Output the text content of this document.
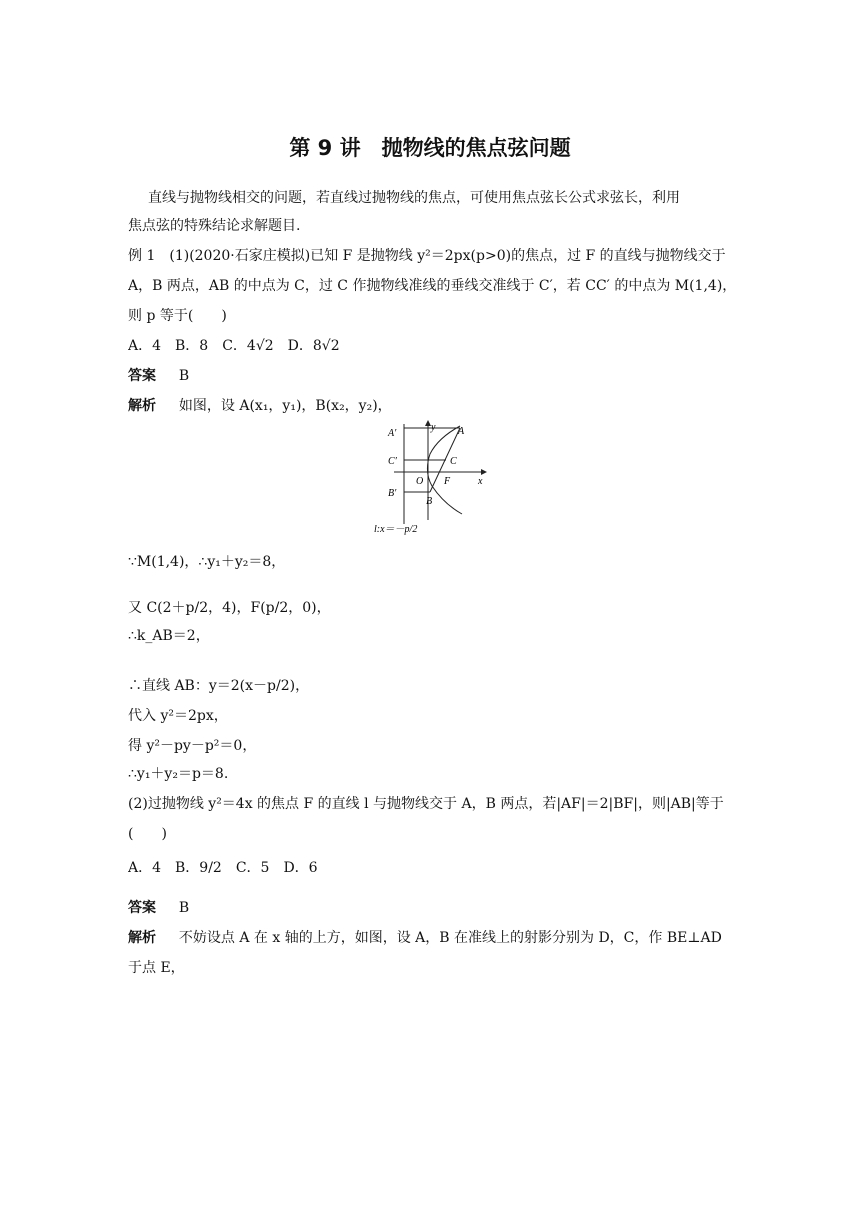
第 9 讲　抛物线的焦点弦问题
直线与抛物线相交的问题，若直线过抛物线的焦点，可使用焦点弦长公式求弦长，利用
焦点弦的特殊结论求解题目.
例 1　(1)(2020·石家庄模拟)已知 F 是抛物线 y²＝2px(p>0)的焦点，过 F 的直线与抛物线交于
A，B 两点，AB 的中点为 C，过 C 作抛物线准线的垂线交准线于 C′，若 CC′ 的中点为 M(1,4)，
则 p 等于(　　)
A．4　B．8　C．4√2　D．8√2
答案 B
解析 如图，设 A(x₁，y₁)，B(x₂，y₂)，
A′
C′
B′
y
x
O F
A
B
C
l:x＝－p/2
∵M(1,4)，∴y₁＋y₂＝8，
又 C(2＋p/2，4)，F(p/2，0)，
∴k_AB＝2，
∴直线 AB：y＝2(x－p/2)，
代入 y²＝2px，
得 y²－py－p²＝0，
∴y₁＋y₂＝p＝8.
(2)过抛物线 y²＝4x 的焦点 F 的直线 l 与抛物线交于 A，B 两点，若|AF|＝2|BF|，则|AB|等于
(　　)
A．4　B．9/2　C．5　D．6
答案 B
解析 不妨设点 A 在 x 轴的上方，如图，设 A，B 在准线上的射影分别为 D，C，作 BE⊥AD
于点 E，
